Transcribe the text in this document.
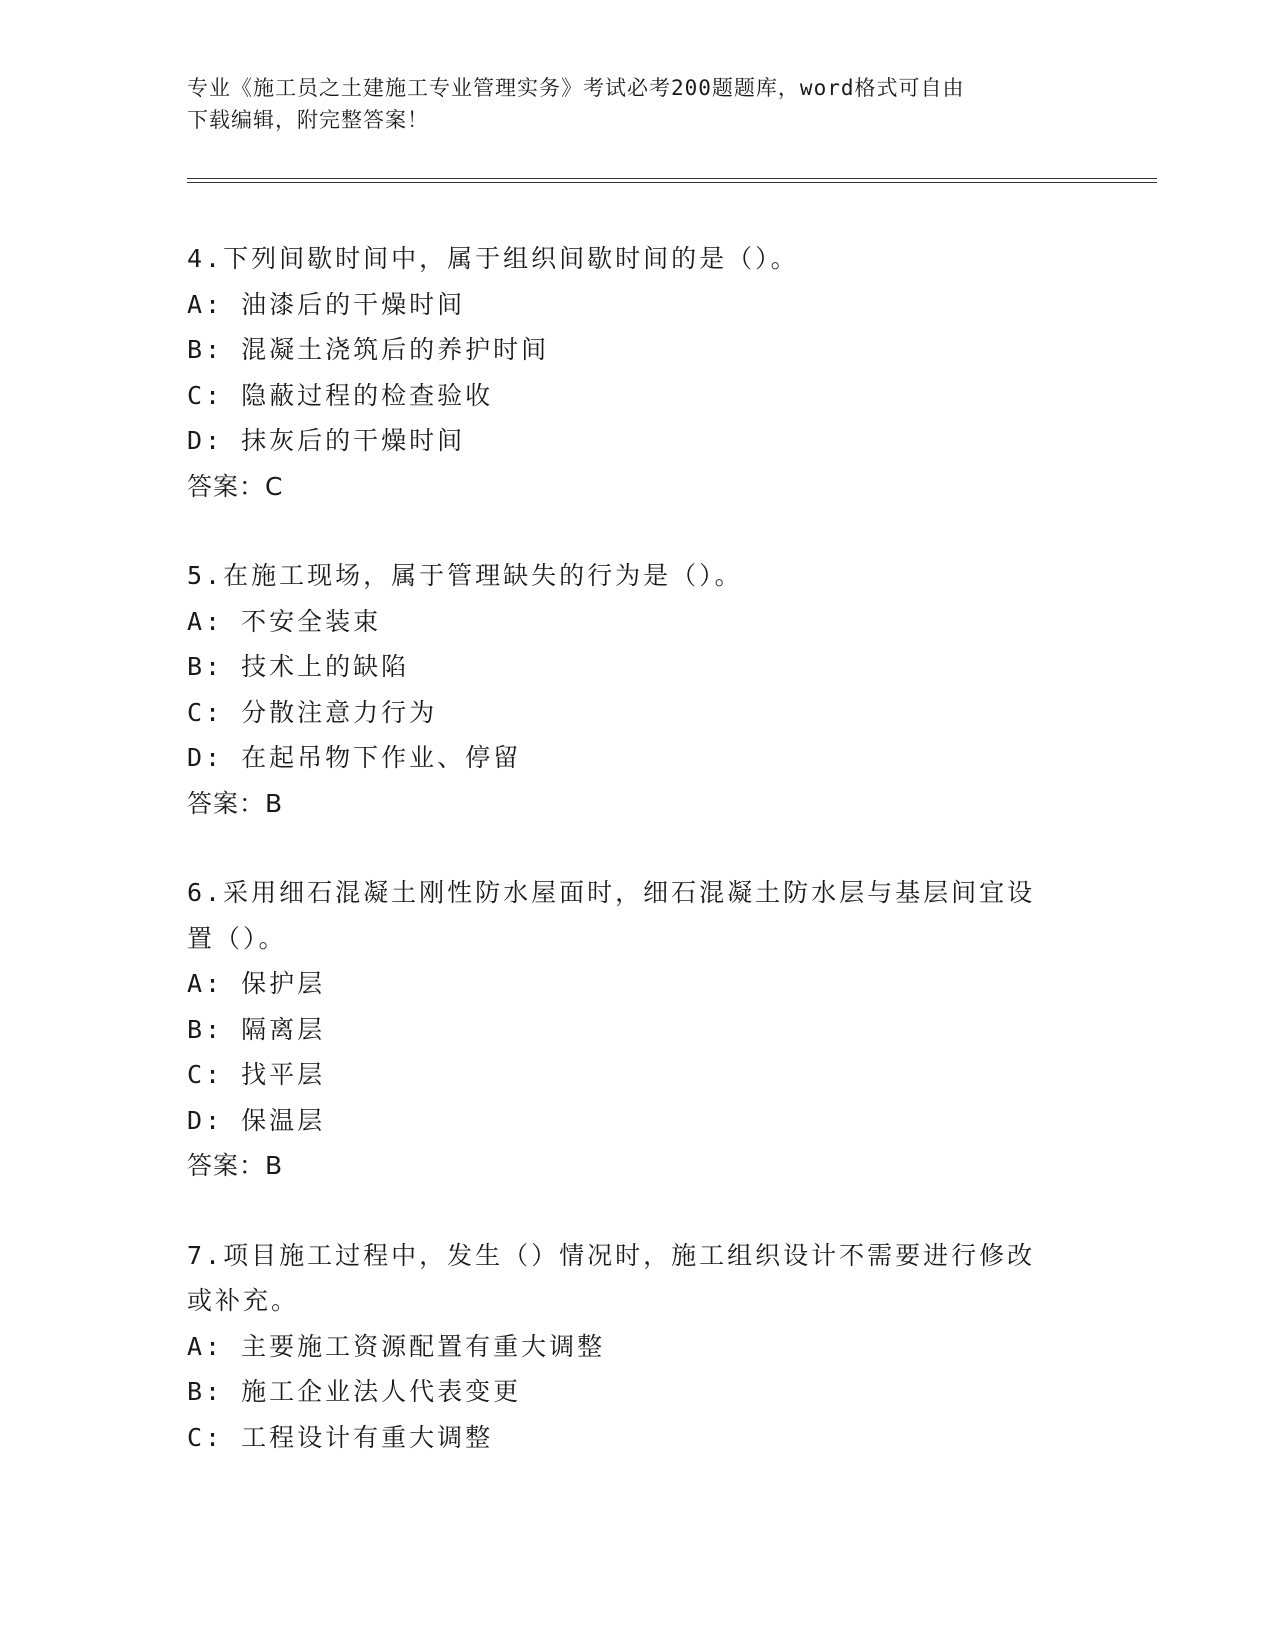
专业《施工员之土建施工专业管理实务》考试必考200题题库，word格式可自由
下载编辑，附完整答案！
4.下列间歇时间中，属于组织间歇时间的是（）。
A: 油漆后的干燥时间
B: 混凝土浇筑后的养护时间
C: 隐蔽过程的检查验收
D: 抹灰后的干燥时间
答案：C
5.在施工现场，属于管理缺失的行为是（）。
A: 不安全装束
B: 技术上的缺陷
C: 分散注意力行为
D: 在起吊物下作业、停留
答案：B
6.采用细石混凝土刚性防水屋面时，细石混凝土防水层与基层间宜设
置（）。
A: 保护层
B: 隔离层
C: 找平层
D: 保温层
答案：B
7.项目施工过程中，发生（）情况时，施工组织设计不需要进行修改
或补充。
A: 主要施工资源配置有重大调整
B: 施工企业法人代表变更
C: 工程设计有重大调整
